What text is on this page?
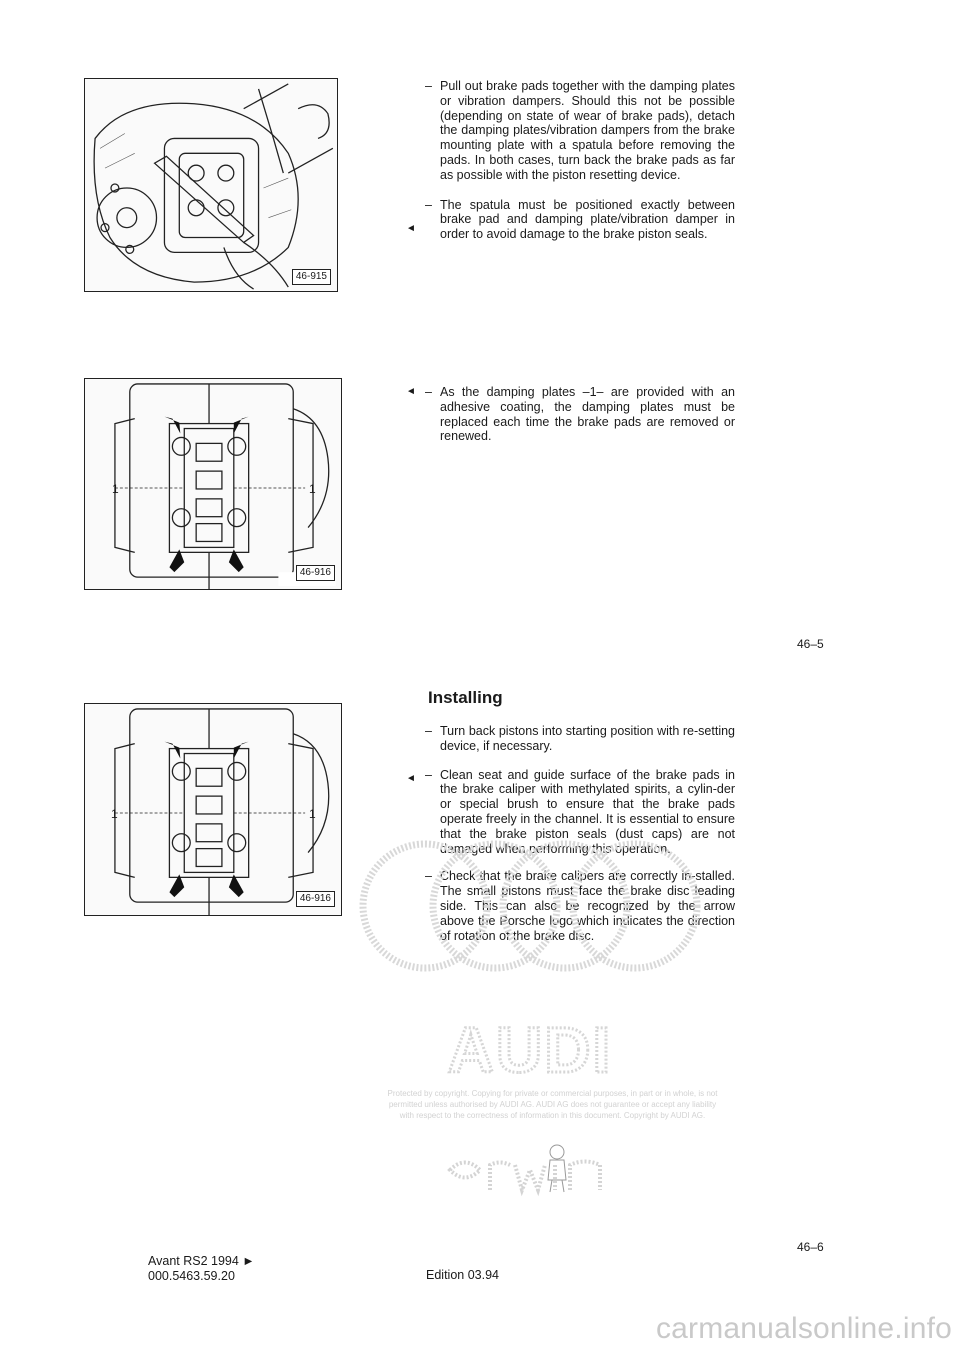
46-915

– Pull out brake pads together with the damping plates or vibration dampers. Should this not be possible (depending on state of wear of brake pads), detach the damping plates/vibration dampers from the brake mounting plate with a spatula before removing the pads. In both cases, turn back the brake pads as far as possible with the piston resetting device.

– The spatula must be positioned exactly between brake pad and damping plate/vibration damper in order to avoid damage to the brake piston seals.

◄
46-916
1	1

– As the damping plates –1– are provided with an adhesive coating, the damping plates must be replaced each time the brake pads are removed or renewed.

◄
46–5
Installing
46-916
1	1

– Turn back pistons into starting position with re-setting device, if necessary.

– Clean seat and guide surface of the brake pads in the brake caliper with methylated spirits, a cylin-der or special brush to ensure that the brake pads operate freely in the channel. It is essential to ensure that the brake piston seals (dust caps) are not damaged when performing this operation.

– Check that the brake calipers are correctly in-stalled. The small pistons must face the brake disc leading side. This can also be recognized by the arrow above the Porsche logo which indicates the direction of rotation of the brake disc.

◄
AUDI
Protected by copyright. Copying for private or commercial purposes, in part or in whole, is not
permitted unless authorised by AUDI AG. AUDI AG does not guarantee or accept any liability
with respect to the correctness of information in this document. Copyright by AUDI AG.
46–6
Avant RS2 1994 ►
000.5463.59.20	Edition 03.94
carmanualsonline.info
